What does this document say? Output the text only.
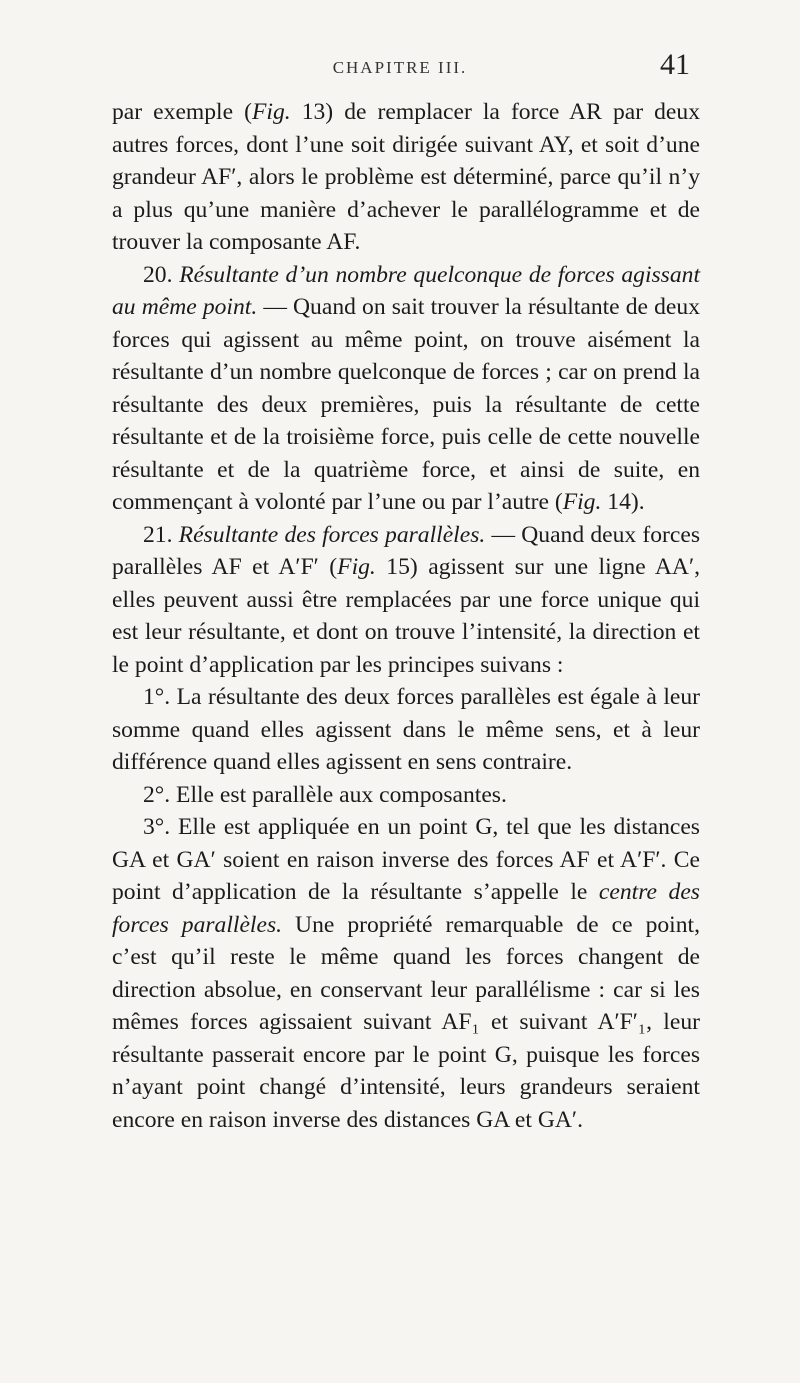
CHAPITRE III.	41

par exemple (Fig. 13) de remplacer la force AR par deux autres forces, dont l’une soit dirigée suivant AY, et soit d’une grandeur AF′, alors le problème est déterminé, parce qu’il n’y a plus qu’une manière d’achever le parallélogramme et de trouver la composante AF.

20. Résultante d’un nombre quelconque de forces agissant au même point. — Quand on sait trouver la résultante de deux forces qui agissent au même point, on trouve aisément la résultante d’un nombre quelconque de forces ; car on prend la résultante des deux premières, puis la résultante de cette résultante et de la troisième force, puis celle de cette nouvelle résultante et de la quatrième force, et ainsi de suite, en commençant à volonté par l’une ou par l’autre (Fig. 14).

21. Résultante des forces parallèles. — Quand deux forces parallèles AF et A′F′ (Fig. 15) agissent sur une ligne AA′, elles peuvent aussi être remplacées par une force unique qui est leur résultante, et dont on trouve l’intensité, la direction et le point d’application par les principes suivans :

1°. La résultante des deux forces parallèles est égale à leur somme quand elles agissent dans le même sens, et à leur différence quand elles agissent en sens contraire.

2°. Elle est parallèle aux composantes.

3°. Elle est appliquée en un point G, tel que les distances GA et GA′ soient en raison inverse des forces AF et A′F′. Ce point d’application de la résultante s’appelle le centre des forces parallèles. Une propriété remarquable de ce point, c’est qu’il reste le même quand les forces changent de direction absolue, en conservant leur parallélisme : car si les mêmes forces agissaient suivant AF₁ et suivant A′F′₁, leur résultante passerait encore par le point G, puisque les forces n’ayant point changé d’intensité, leurs grandeurs seraient encore en raison inverse des distances GA et GA′.
